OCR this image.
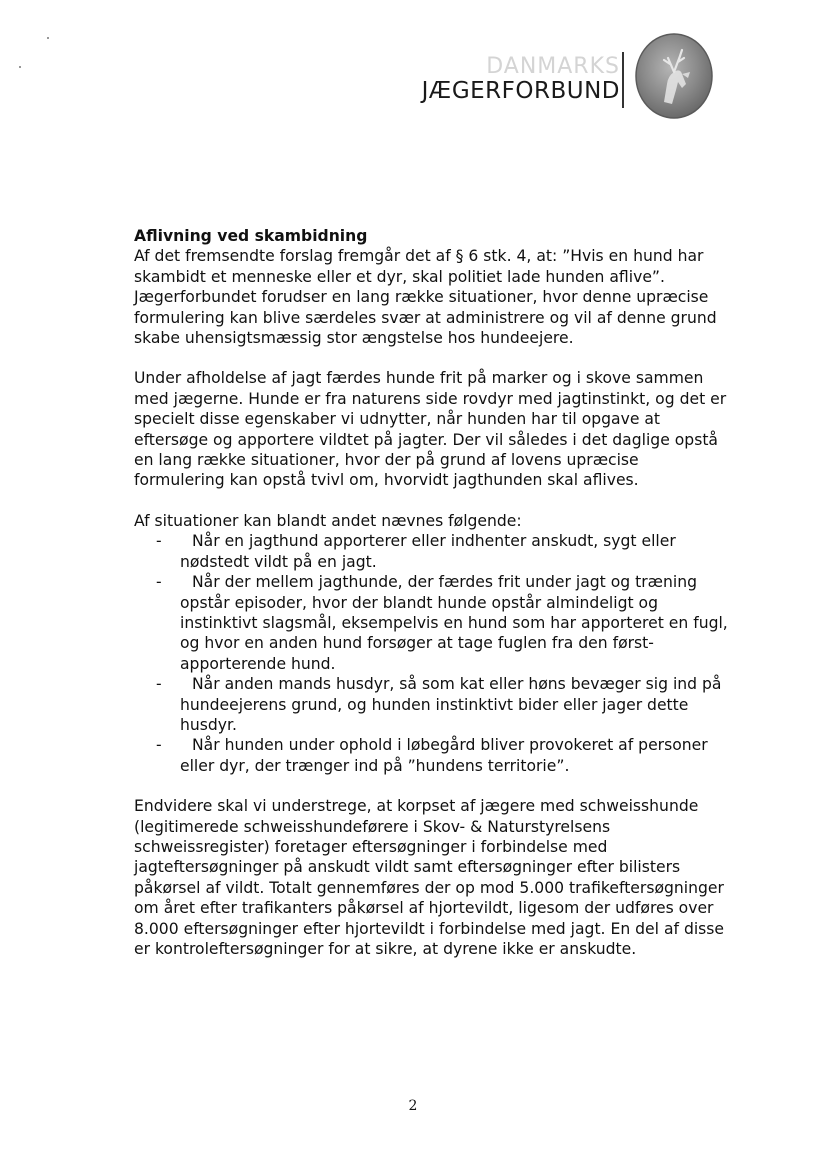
DANMARKS
JÆGERFORBUND

Aflivning ved skambidning

Af det fremsendte forslag fremgår det af § 6 stk. 4, at: ”Hvis en hund har skambidt et menneske eller et dyr, skal politiet lade hunden aflive”. Jægerforbundet forudser en lang række situationer, hvor denne upræcise formulering kan blive særdeles svær at administrere og vil af denne grund skabe uhensigtsmæssig stor ængstelse hos hundeejere.

Under afholdelse af jagt færdes hunde frit på marker og i skove sammen med jægerne. Hunde er fra naturens side rovdyr med jagtinstinkt, og det er specielt disse egenskaber vi udnytter, når hunden har til opgave at eftersøge og apportere vildtet på jagter. Der vil således i det daglige opstå en lang række situationer, hvor der på grund af lovens upræcise formulering kan opstå tvivl om, hvorvidt jagthunden skal aflives.

Af situationer kan blandt andet nævnes følgende:

- Når en jagthund apporterer eller indhenter anskudt, sygt eller nødstedt vildt på en jagt.
- Når der mellem jagthunde, der færdes frit under jagt og træning opstår episoder, hvor der blandt hunde opstår almindeligt og instinktivt slagsmål, eksempelvis en hund som har apporteret en fugl, og hvor en anden hund forsøger at tage fuglen fra den først-apporterende hund.
- Når anden mands husdyr, så som kat eller høns bevæger sig ind på hundeejerens grund, og hunden instinktivt bider eller jager dette husdyr.
- Når hunden under ophold i løbegård bliver provokeret af personer eller dyr, der trænger ind på ”hundens territorie”.

Endvidere skal vi understrege, at korpset af jægere med schweisshunde (legitimerede schweisshundeførere i Skov- & Naturstyrelsens schweissregister) foretager eftersøgninger i forbindelse med jagteftersøgninger på anskudt vildt samt eftersøgninger efter bilisters påkørsel af vildt. Totalt gennemføres der op mod 5.000 trafikeftersøgninger om året efter trafikanters påkørsel af hjortevildt, ligesom der udføres over 8.000 eftersøgninger efter hjortevildt i forbindelse med jagt. En del af disse er kontroleftersøgninger for at sikre, at dyrene ikke er anskudte.

2
